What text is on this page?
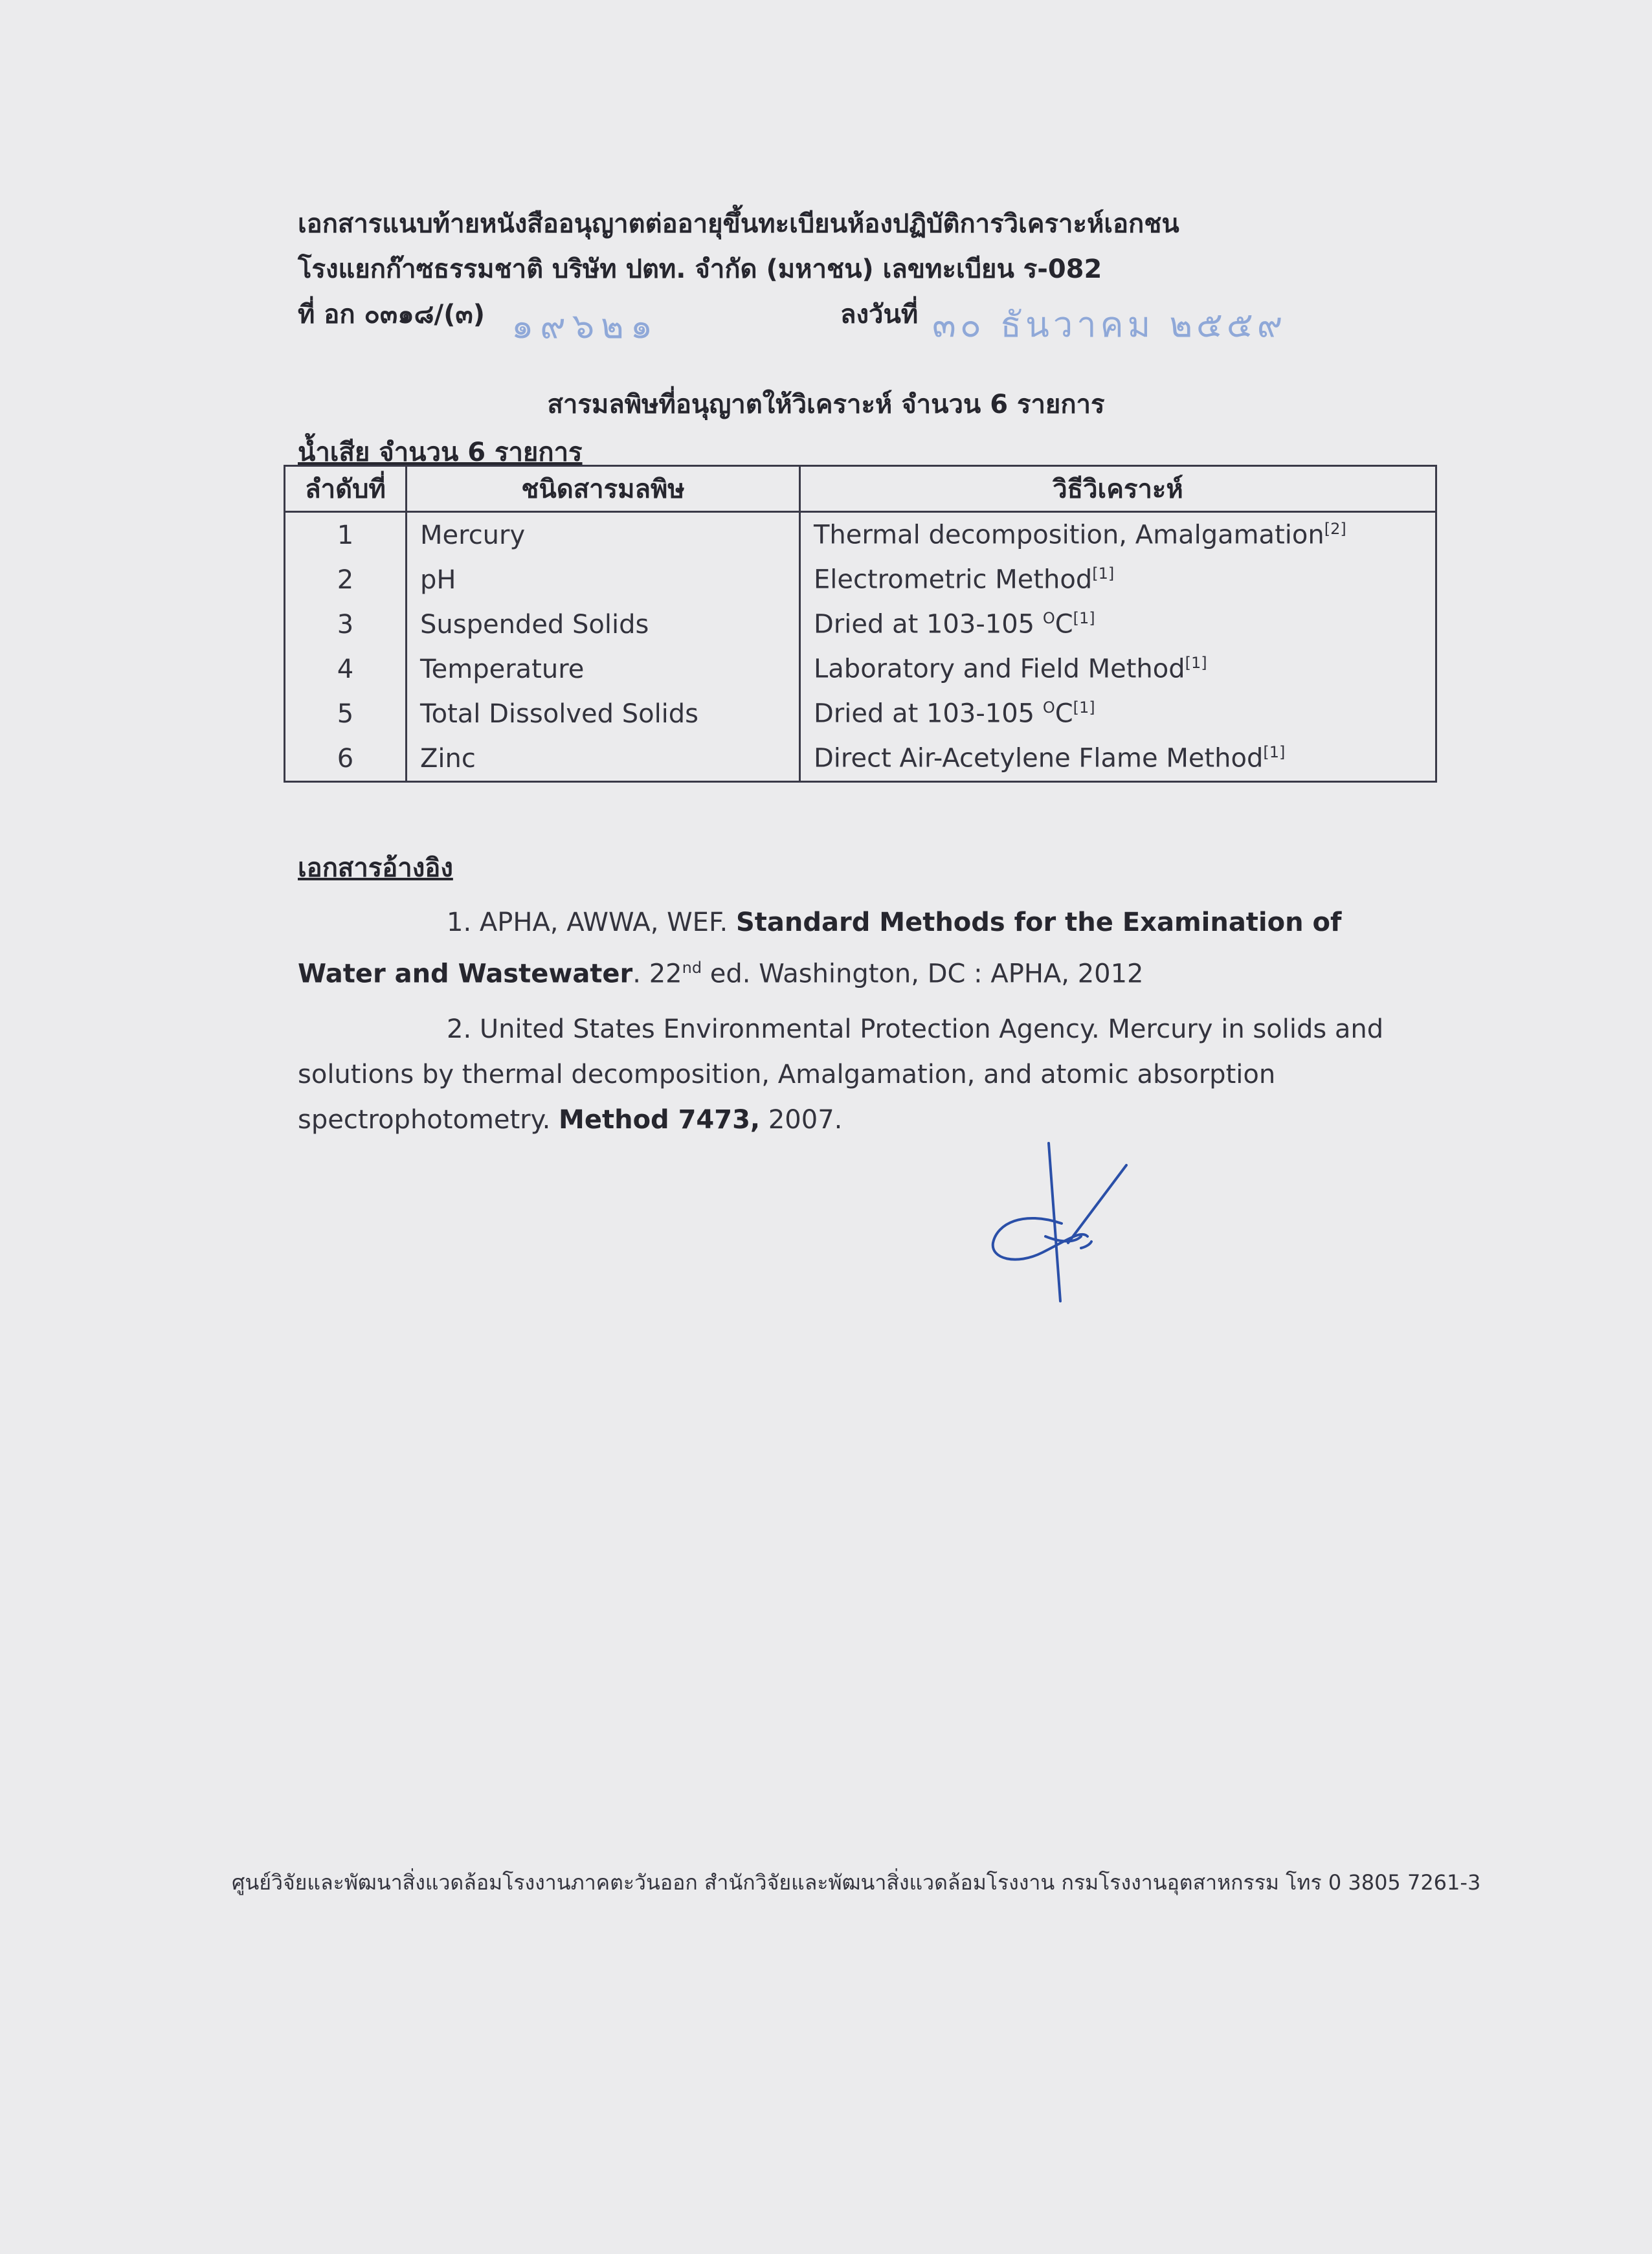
เอกสารแนบท้ายหนังสืออนุญาตต่ออายุขึ้นทะเบียนห้องปฏิบัติการวิเคราะห์เอกชน
โรงแยกก๊าซธรรมชาติ บริษัท ปตท. จำกัด (มหาชน) เลขทะเบียน ร-082
ที่ อก ๐๓๑๘/(๓) ๑๙๖๒๑	ลงวันที่ ๓๐ ธันวาคม ๒๕๕๙
สารมลพิษที่อนุญาตให้วิเคราะห์ จำนวน 6 รายการ
น้ำเสีย จำนวน 6 รายการ
ลำดับที่	ชนิดสารมลพิษ	วิธีวิเคราะห์
1	Mercury	Thermal decomposition, Amalgamation[2]
2	pH	Electrometric Method[1]
3	Suspended Solids	Dried at 103-105 $^O$C[1]
4	Temperature	Laboratory and Field Method[1]
5	Total Dissolved Solids	Dried at 103-105 $^O$C[1]
6	Zinc	Direct Air-Acetylene Flame Method[1]
เอกสารอ้างอิง
1. APHA, AWWA, WEF. Standard Methods for the Examination of Water and Wastewater. 22nd ed. Washington, DC : APHA, 2012
2. United States Environmental Protection Agency. Mercury in solids and solutions by thermal decomposition, Amalgamation, and atomic absorption spectrophotometry. Method 7473, 2007.
ศูนย์วิจัยและพัฒนาสิ่งแวดล้อมโรงงานภาคตะวันออก สำนักวิจัยและพัฒนาสิ่งแวดล้อมโรงงาน กรมโรงงานอุตสาหกรรม โทร 0 3805 7261-3
